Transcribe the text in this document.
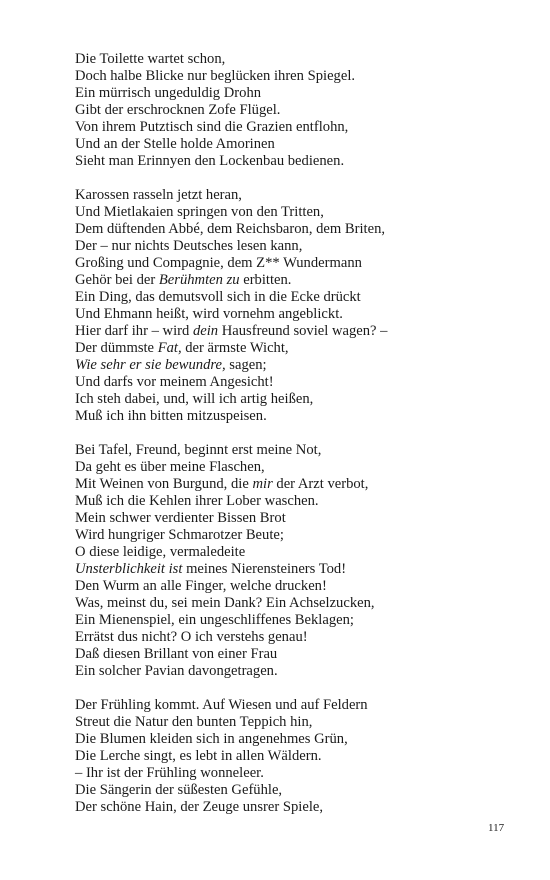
Die Toilette wartet schon,
Doch halbe Blicke nur beglücken ihren Spiegel.
Ein mürrisch ungeduldig Drohn
Gibt der erschrocknen Zofe Flügel.
Von ihrem Putztisch sind die Grazien entflohn,
Und an der Stelle holde Amorinen
Sieht man Erinnyen den Lockenbau bedienen.
Karossen rasseln jetzt heran,
Und Mietlakaien springen von den Tritten,
Dem düftenden Abbé, dem Reichsbaron, dem Briten,
Der – nur nichts Deutsches lesen kann,
Großing und Compagnie, dem Z** Wundermann
Gehör bei der Berühmten zu erbitten.
Ein Ding, das demutsvoll sich in die Ecke drückt
Und Ehmann heißt, wird vornehm angeblickt.
Hier darf ihr – wird dein Hausfreund soviel wagen? –
Der dümmste Fat, der ärmste Wicht,
Wie sehr er sie bewundre, sagen;
Und darfs vor meinem Angesicht!
Ich steh dabei, und, will ich artig heißen,
Muß ich ihn bitten mitzuspeisen.
Bei Tafel, Freund, beginnt erst meine Not,
Da geht es über meine Flaschen,
Mit Weinen von Burgund, die mir der Arzt verbot,
Muß ich die Kehlen ihrer Lober waschen.
Mein schwer verdienter Bissen Brot
Wird hungriger Schmarotzer Beute;
O diese leidige, vermaledeite
Unsterblichkeit ist meines Nierensteiners Tod!
Den Wurm an alle Finger, welche drucken!
Was, meinst du, sei mein Dank? Ein Achselzucken,
Ein Mienenspiel, ein ungeschliffenes Beklagen;
Errätst dus nicht? O ich verstehs genau!
Daß diesen Brillant von einer Frau
Ein solcher Pavian davongetragen.
Der Frühling kommt. Auf Wiesen und auf Feldern
Streut die Natur den bunten Teppich hin,
Die Blumen kleiden sich in angenehmes Grün,
Die Lerche singt, es lebt in allen Wäldern.
– Ihr ist der Frühling wonneleer.
Die Sängerin der süßesten Gefühle,
Der schöne Hain, der Zeuge unsrer Spiele,
117
